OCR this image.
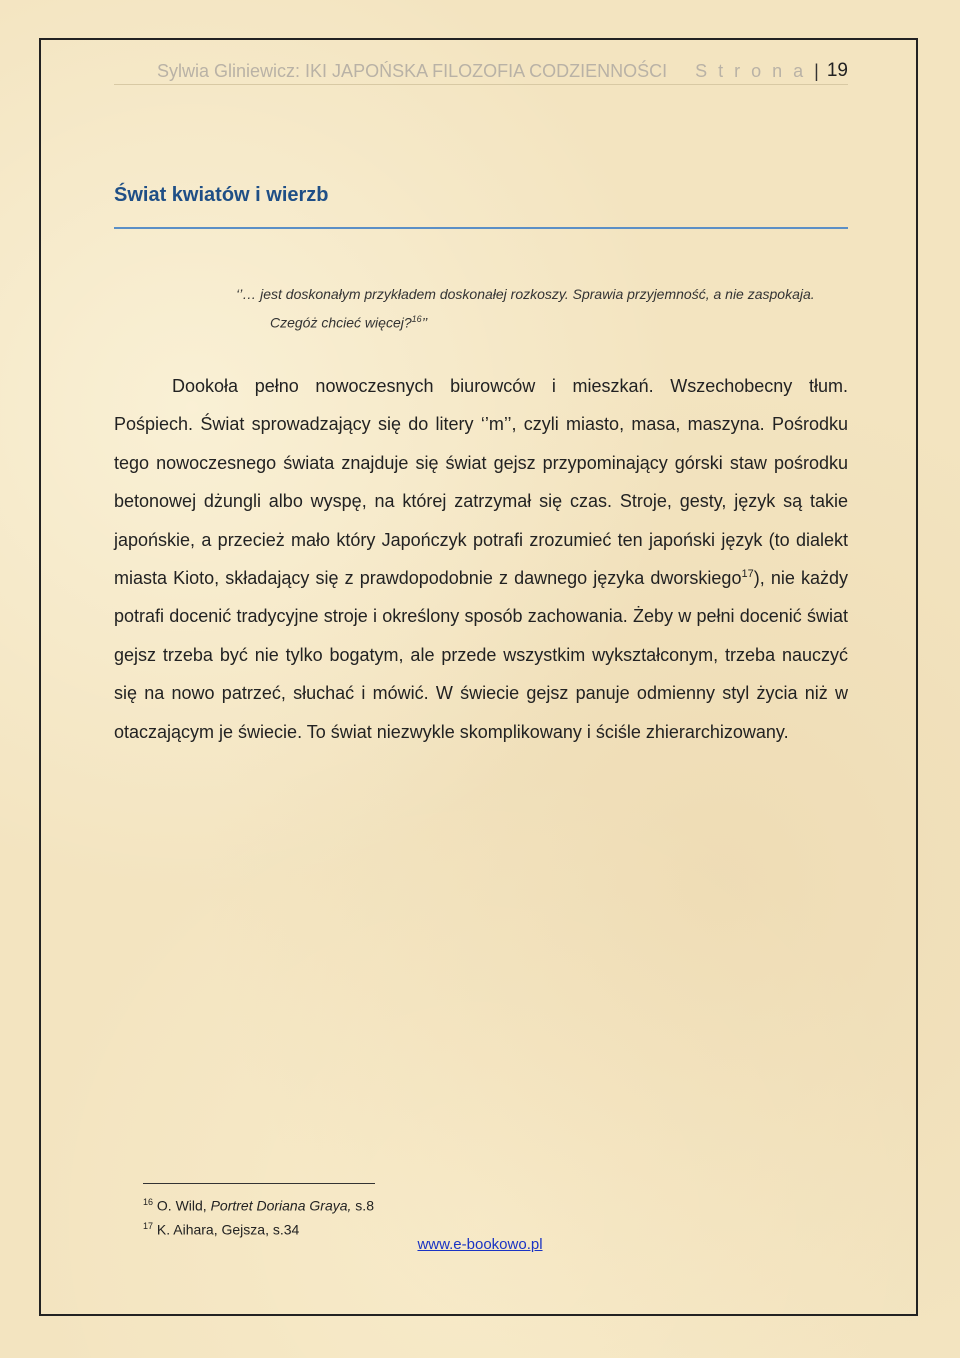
Sylwia Gliniewicz: IKI JAPOŃSKA FILOZOFIA CODZIENNOŚCI S t r o n a | 19
Świat kwiatów i wierzb
‘’… jest doskonałym przykładem doskonałej rozkoszy. Sprawia przyjemność, a nie zaspokaja.
Czegóż chcieć więcej?$^{16}$’’

Dookoła pełno nowoczesnych biurowców i mieszkań. Wszechobecny tłum. Pośpiech. Świat sprowadzający się do litery ‘’m’’, czyli miasto, masa, maszyna. Pośrodku tego nowoczesnego świata znajduje się świat gejsz przypominający górski staw pośrodku betonowej dżungli albo wyspę, na której zatrzymał się czas. Stroje, gesty, język są takie japońskie, a przecież mało który Japończyk potrafi zrozumieć ten japoński język (to dialekt miasta Kioto, składający się z prawdopodobnie z dawnego języka dworskiego$^{17}$), nie każdy potrafi docenić tradycyjne stroje i określony sposób zachowania. Żeby w pełni docenić świat gejsz trzeba być nie tylko bogatym, ale przede wszystkim wykształconym, trzeba nauczyć się na nowo patrzeć, słuchać i mówić. W świecie gejsz panuje odmienny styl życia niż w otaczającym je świecie. To świat niezwykle skomplikowany i ściśle zhierarchizowany.

$^{16}$ O. Wild, Portret Doriana Graya, s.8
$^{17}$ K. Aihara, Gejsza, s.34
www.e-bookowo.pl
